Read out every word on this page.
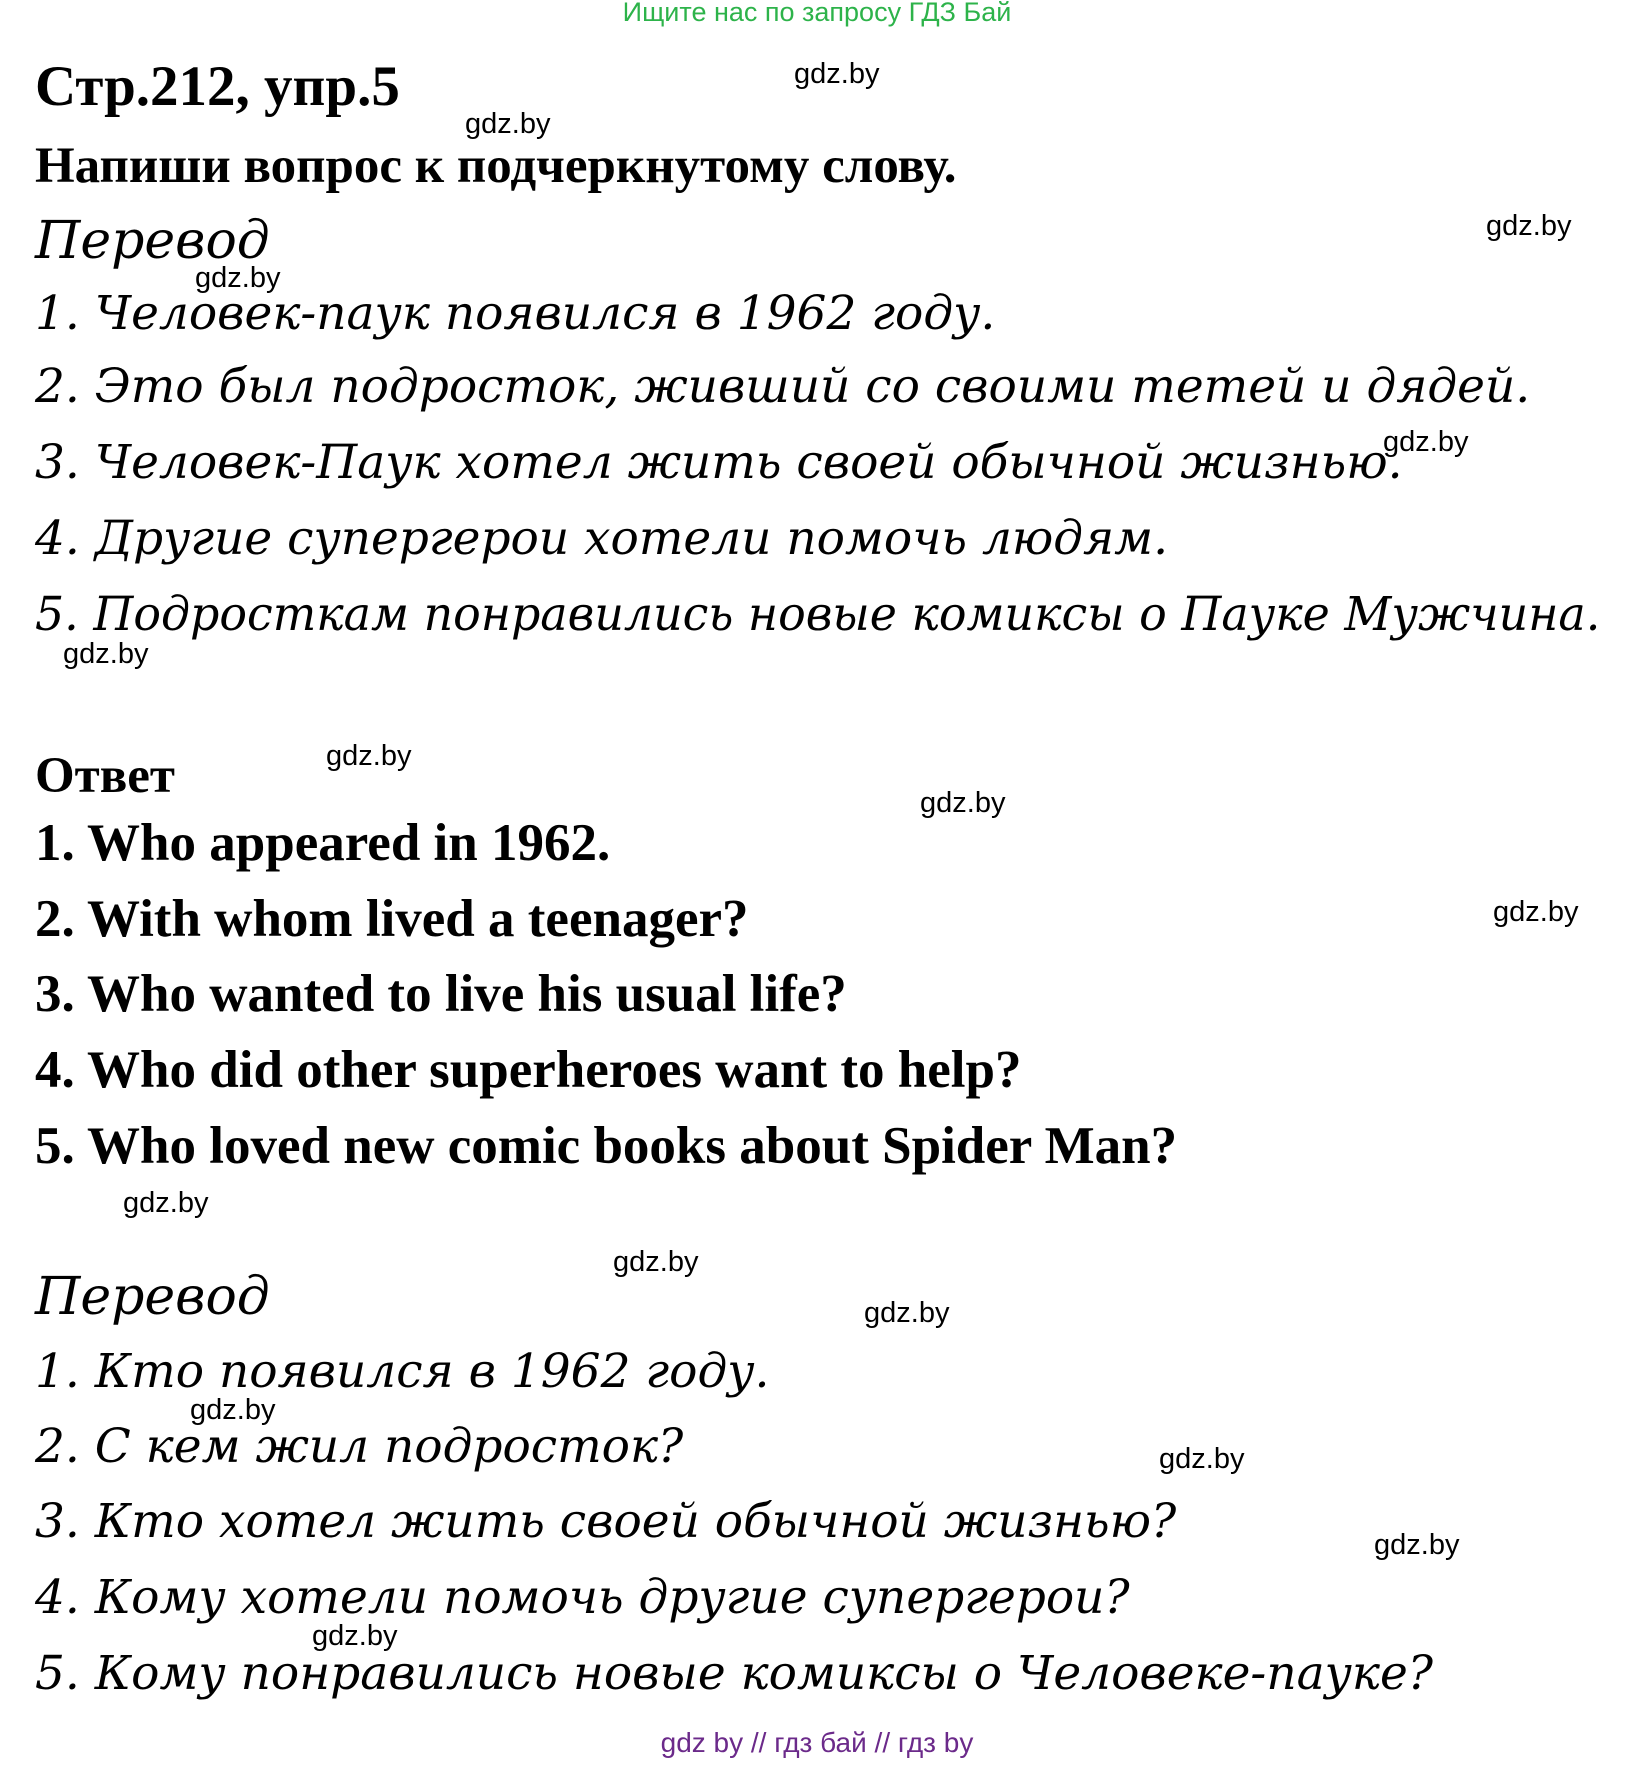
Ищите нас по запросу ГДЗ Бай
Стр.212, упр.5
Напиши вопрос к подчеркнутому слову.
Перевод
1. Человек-паук появился в 1962 году.
2. Это был подросток, живший со своими тетей и дядей.
3. Человек-Паук хотел жить своей обычной жизнью.
4. Другие супергерои хотели помочь людям.
5. Подросткам понравились новые комиксы о Пауке Мужчина.
Ответ
1. Who appeared in 1962.
2. With whom lived a teenager?
3. Who wanted to live his usual life?
4. Who did other superheroes want to help?
5. Who loved new comic books about Spider Man?
Перевод
1. Кто появился в 1962 году.
2. С кем жил подросток?
3. Кто хотел жить своей обычной жизнью?
4. Кому хотели помочь другие супергерои?
5. Кому понравились новые комиксы о Человеке-пауке?
gdz.by
gdz.by
gdz.by
gdz.by
gdz.by
gdz.by
gdz.by
gdz.by
gdz.by
gdz.by
gdz.by
gdz.by
gdz.by
gdz.by
gdz.by
gdz.by
gdz by // гдз бай // гдз by
